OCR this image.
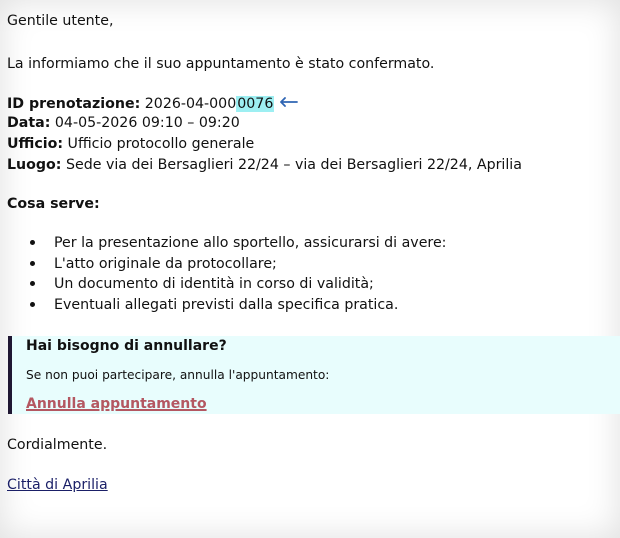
Gentile utente,
La informiamo che il suo appuntamento è stato confermato.
ID prenotazione: 2026-04-0000076
Data: 04-05-2026 09:10 – 09:20
Ufficio: Ufficio protocollo generale
Luogo: Sede via dei Bersaglieri 22/24 – via dei Bersaglieri 22/24, Aprilia
Cosa serve:
Per la presentazione allo sportello, assicurarsi di avere:
L'atto originale da protocollare;
Un documento di identità in corso di validità;
Eventuali allegati previsti dalla specifica pratica.
Hai bisogno di annullare?
Se non puoi partecipare, annulla l'appuntamento:
Annulla appuntamento
Cordialmente.
Città di Aprilia
